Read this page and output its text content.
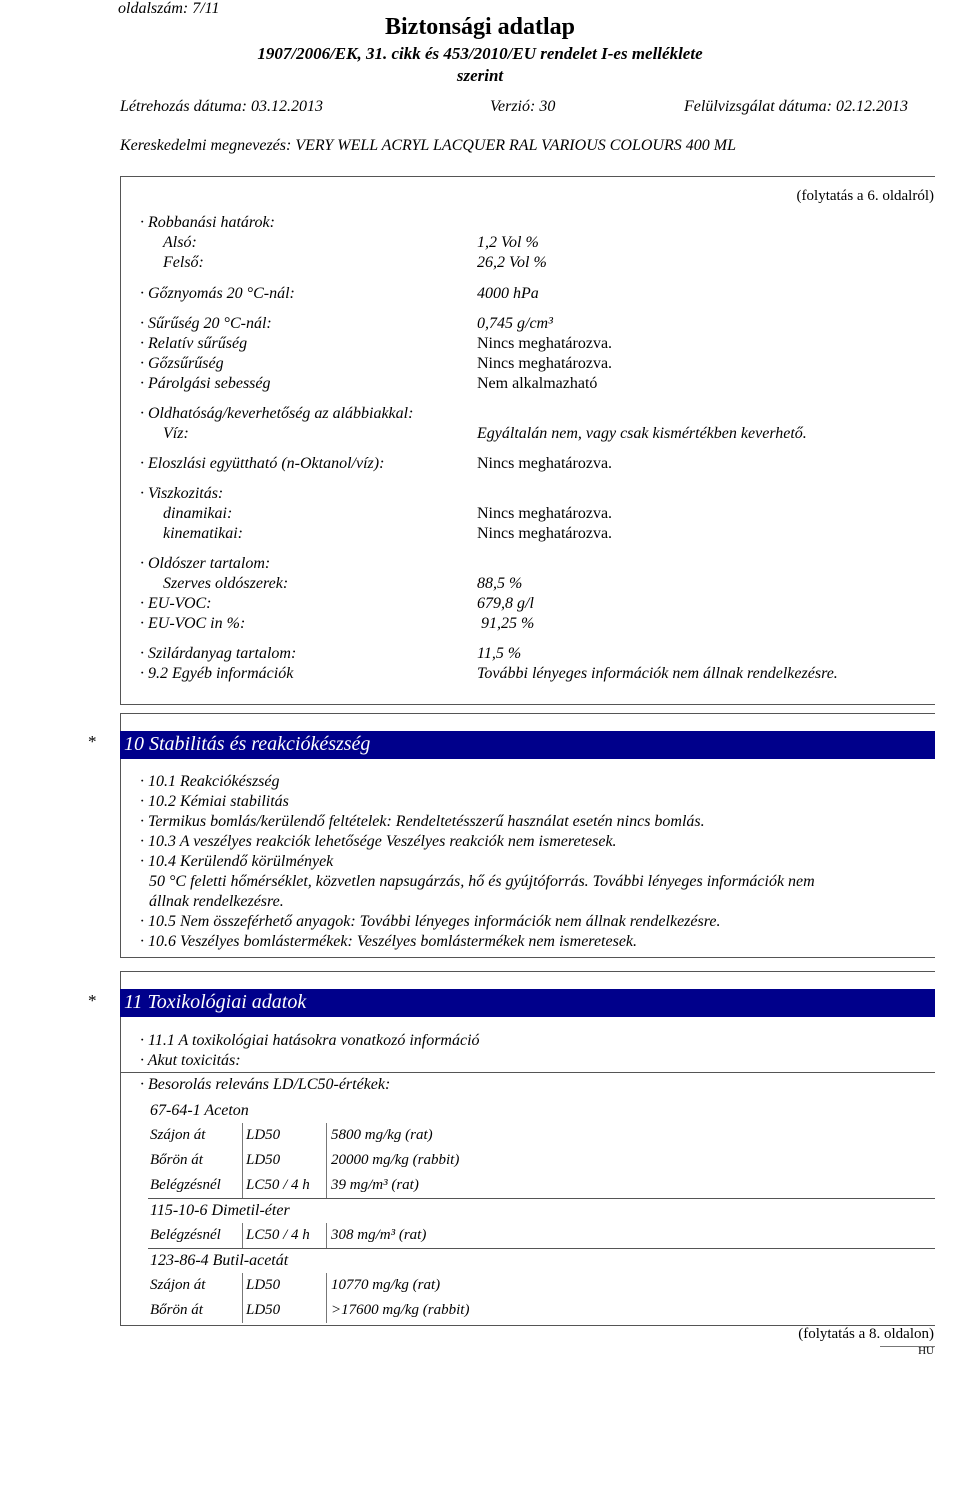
oldalszám: 7/11
Biztonsági adatlap
1907/2006/EK, 31. cikk és 453/2010/EU rendelet I-es melléklete
szerint
Létrehozás dátuma: 03.12.2013	Verzió: 30	Felülvizsgálat dátuma: 02.12.2013
Kereskedelmi megnevezés: VERY WELL ACRYL LACQUER RAL VARIOUS COLOURS 400 ML
(folytatás a 6. oldalról)
· Robbanási határok:
Alsó:	1,2 Vol %
Felső:	26,2 Vol %
· Gőznyomás 20 °C-nál:	4000 hPa
· Sűrűség 20 °C-nál:	0,745 g/cm³
· Relatív sűrűség	Nincs meghatározva.
· Gőzsűrűség	Nincs meghatározva.
· Párolgási sebesség	Nem alkalmazható
· Oldhatóság/keverhetőség az alábbiakkal:
Víz:	Egyáltalán nem, vagy csak kismértékben keverhető.
· Eloszlási együttható (n-Oktanol/víz):	Nincs meghatározva.
· Viszkozitás:
dinamikai:	Nincs meghatározva.
kinematikai:	Nincs meghatározva.
· Oldószer tartalom:
Szerves oldószerek:	88,5 %
· EU-VOC:	679,8 g/l
· EU-VOC in %:	91,25 %
· Szilárdanyag tartalom:	11,5 %
· 9.2 Egyéb információk	További lényeges információk nem állnak rendelkezésre.
* 10 Stabilitás és reakciókészség
· 10.1 Reakciókészség
· 10.2 Kémiai stabilitás
· Termikus bomlás/kerülendő feltételek: Rendeltetésszerű használat esetén nincs bomlás.
· 10.3 A veszélyes reakciók lehetősége Veszélyes reakciók nem ismeretesek.
· 10.4 Kerülendő körülmények
50 °C feletti hőmérséklet, közvetlen napsugárzás, hő és gyújtóforrás. További lényeges információk nem
állnak rendelkezésre.
· 10.5 Nem összeférhető anyagok: További lényeges információk nem állnak rendelkezésre.
· 10.6 Veszélyes bomlástermékek: Veszélyes bomlástermékek nem ismeretesek.
* 11 Toxikológiai adatok
· 11.1 A toxikológiai hatásokra vonatkozó információ
· Akut toxicitás:
· Besorolás releváns LD/LC50-értékek:
67-64-1 Aceton
Szájon át	LD50	5800 mg/kg (rat)
Bőrön át	LD50	20000 mg/kg (rabbit)
Belégzésnél	LC50 / 4 h	39 mg/m³ (rat)
115-10-6 Dimetil-éter
Belégzésnél	LC50 / 4 h	308 mg/m³ (rat)
123-86-4 Butil-acetát
Szájon át	LD50	10770 mg/kg (rat)
Bőrön át	LD50	>17600 mg/kg (rabbit)
(folytatás a 8. oldalon)
HU
